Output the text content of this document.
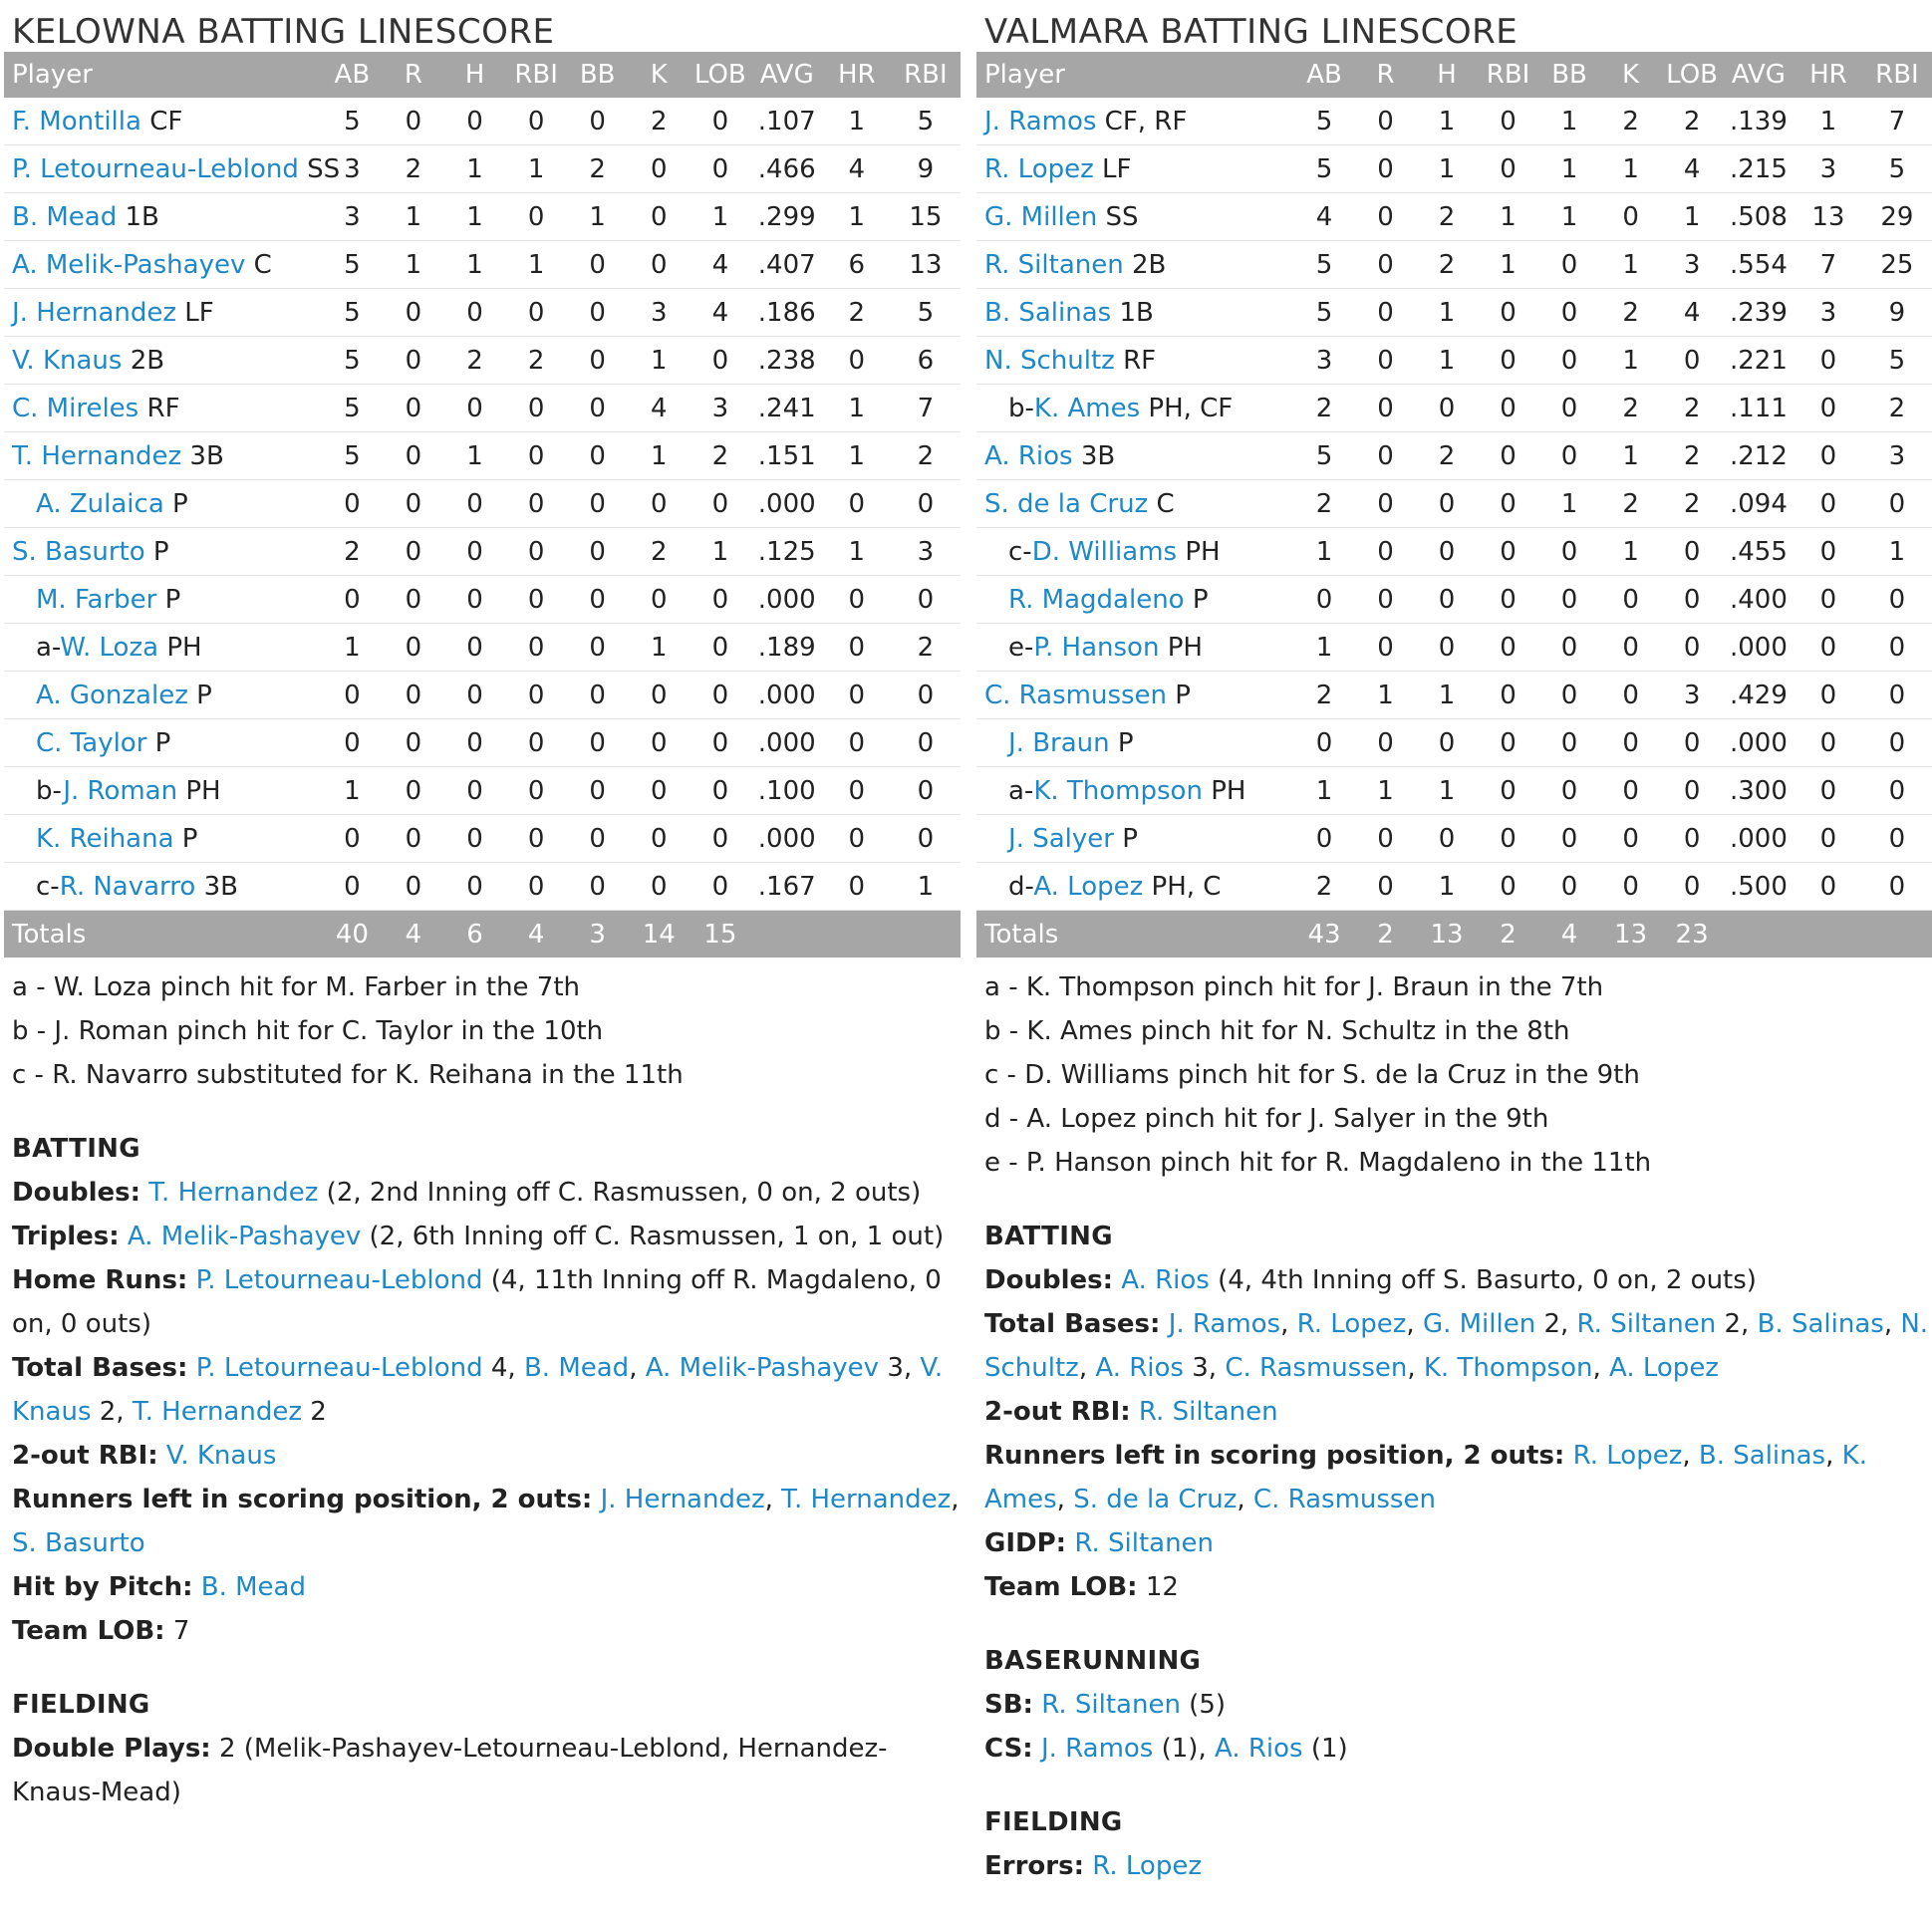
KELOWNA BATTING LINESCORE
Player	AB	R	H	RBI	BB	K	LOB	AVG	HR	RBI
F. Montilla CF	5	0	0	0	0	2	0	.107	1	5
P. Letourneau-Leblond SS	3	2	1	1	2	0	0	.466	4	9
B. Mead 1B	3	1	1	0	1	0	1	.299	1	15
A. Melik-Pashayev C	5	1	1	1	0	0	4	.407	6	13
J. Hernandez LF	5	0	0	0	0	3	4	.186	2	5
V. Knaus 2B	5	0	2	2	0	1	0	.238	0	6
C. Mireles RF	5	0	0	0	0	4	3	.241	1	7
T. Hernandez 3B	5	0	1	0	0	1	2	.151	1	2
A. Zulaica P	0	0	0	0	0	0	0	.000	0	0
S. Basurto P	2	0	0	0	0	2	1	.125	1	3
M. Farber P	0	0	0	0	0	0	0	.000	0	0
a-W. Loza PH	1	0	0	0	0	1	0	.189	0	2
A. Gonzalez P	0	0	0	0	0	0	0	.000	0	0
C. Taylor P	0	0	0	0	0	0	0	.000	0	0
b-J. Roman PH	1	0	0	0	0	0	0	.100	0	0
K. Reihana P	0	0	0	0	0	0	0	.000	0	0
c-R. Navarro 3B	0	0	0	0	0	0	0	.167	0	1
Totals	40	4	6	4	3	14	15			
a - W. Loza pinch hit for M. Farber in the 7th
b - J. Roman pinch hit for C. Taylor in the 10th
c - R. Navarro substituted for K. Reihana in the 11th
BATTING
Doubles: T. Hernandez (2, 2nd Inning off C. Rasmussen, 0 on, 2 outs)
Triples: A. Melik-Pashayev (2, 6th Inning off C. Rasmussen, 1 on, 1 out)
Home Runs: P. Letourneau-Leblond (4, 11th Inning off R. Magdaleno, 0 on, 0 outs)
Total Bases: P. Letourneau-Leblond 4, B. Mead, A. Melik-Pashayev 3, V. Knaus 2, T. Hernandez 2
2-out RBI: V. Knaus
Runners left in scoring position, 2 outs: J. Hernandez, T. Hernandez, S. Basurto
Hit by Pitch: B. Mead
Team LOB: 7
FIELDING
Double Plays: 2 (Melik-Pashayev-Letourneau-Leblond, Hernandez-Knaus-Mead)
VALMARA BATTING LINESCORE
Player	AB	R	H	RBI	BB	K	LOB	AVG	HR	RBI
J. Ramos CF, RF	5	0	1	0	1	2	2	.139	1	7
R. Lopez LF	5	0	1	0	1	1	4	.215	3	5
G. Millen SS	4	0	2	1	1	0	1	.508	13	29
R. Siltanen 2B	5	0	2	1	0	1	3	.554	7	25
B. Salinas 1B	5	0	1	0	0	2	4	.239	3	9
N. Schultz RF	3	0	1	0	0	1	0	.221	0	5
b-K. Ames PH, CF	2	0	0	0	0	2	2	.111	0	2
A. Rios 3B	5	0	2	0	0	1	2	.212	0	3
S. de la Cruz C	2	0	0	0	1	2	2	.094	0	0
c-D. Williams PH	1	0	0	0	0	1	0	.455	0	1
R. Magdaleno P	0	0	0	0	0	0	0	.400	0	0
e-P. Hanson PH	1	0	0	0	0	0	0	.000	0	0
C. Rasmussen P	2	1	1	0	0	0	3	.429	0	0
J. Braun P	0	0	0	0	0	0	0	.000	0	0
a-K. Thompson PH	1	1	1	0	0	0	0	.300	0	0
J. Salyer P	0	0	0	0	0	0	0	.000	0	0
d-A. Lopez PH, C	2	0	1	0	0	0	0	.500	0	0
Totals	43	2	13	2	4	13	23			
a - K. Thompson pinch hit for J. Braun in the 7th
b - K. Ames pinch hit for N. Schultz in the 8th
c - D. Williams pinch hit for S. de la Cruz in the 9th
d - A. Lopez pinch hit for J. Salyer in the 9th
e - P. Hanson pinch hit for R. Magdaleno in the 11th
BATTING
Doubles: A. Rios (4, 4th Inning off S. Basurto, 0 on, 2 outs)
Total Bases: J. Ramos, R. Lopez, G. Millen 2, R. Siltanen 2, B. Salinas, N. Schultz, A. Rios 3, C. Rasmussen, K. Thompson, A. Lopez
2-out RBI: R. Siltanen
Runners left in scoring position, 2 outs: R. Lopez, B. Salinas, K. Ames, S. de la Cruz, C. Rasmussen
GIDP: R. Siltanen
Team LOB: 12
BASERUNNING
SB: R. Siltanen (5)
CS: J. Ramos (1), A. Rios (1)
FIELDING
Errors: R. Lopez
